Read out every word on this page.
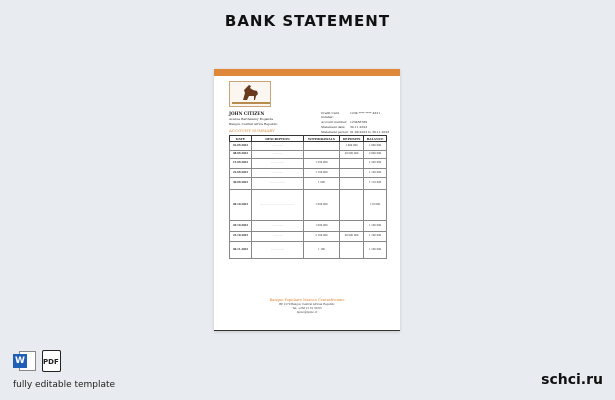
BANK STATEMENT
JOHN CITIZEN
Avenue Barthélemy Boganda
Bangui, Central Africa Republic
Credit Card number:
1234 **** **** 4321
Account number: 123456789
Statement date:	30.11.2023
Statement period: 01.09.2023 to 30.11.2023
ACCOUNT SUMMARY
DATE	DESCRIPTION	WITHDRAWALS	DEPOSITS	BALANCE
01.09.2023	·· ·· ·· ·· ··		1 000 000	1 000 000
08.09.2023	·· ·· ·· ··		20 000 000	2 000 000
15.09.2023	·· ·· ·· ·· ·· ··	1 250 000		1 220 000
22.09.2023	·· ·· ·· ·· ··	1 100 000		1 120 000
30.09.2023	·· ·· ·· ·· ·· ·· ··	1 000		1 119 000
06.10.2023	·· ·· ·· ·· ·· ·· ·· ·· ·· ·· ·· ·· ·· ·· ··	1 000 000		119 000
20.10.2023	·· ·· ·· ·· ··	1 000 000		1 100 000
23.10.2023	·· ·· ·· ··	2 100 000	20 000 000	1 100 000
06.11.2023	·· ·· ·· ·· ·· ··	1 100		1 100 000
Banque Populaire Maroco Centrafricaine
BP 1279 Bangui, Central African Republic
Tel: +236 21 61 39 63
bpmc@bpmc.cf
W	PDF
fully editable template	schci.ru
